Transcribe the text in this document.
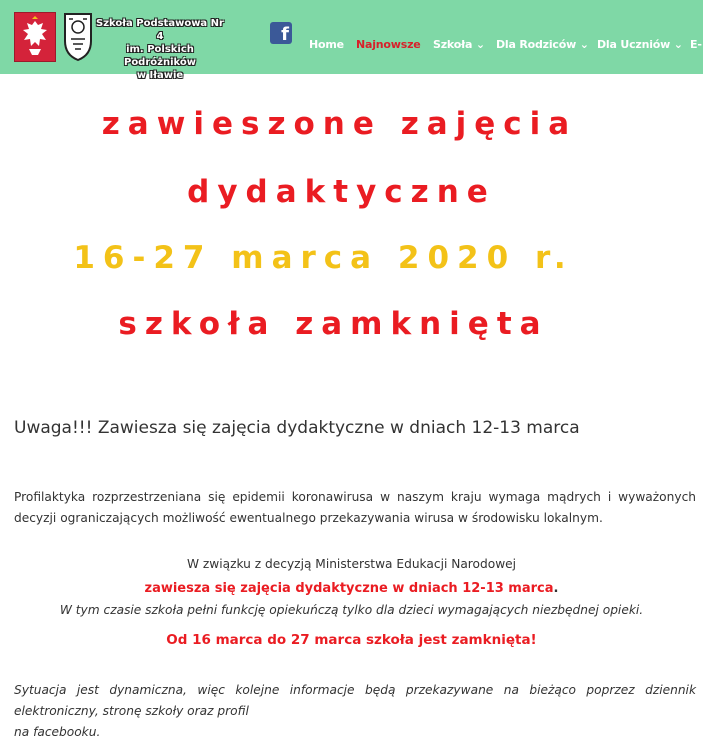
Szkoła Podstawowa Nr 4
im. Polskich Podróżników
w Iławie
f Home Najnowsze Szkoła ⌄ Dla Rodziców ⌄ Dla Uczniów ⌄ E-
zawieszone zajęcia
dydaktyczne
16-27 marca 2020 r.
szkoła zamknięta
Uwaga!!! Zawiesza się zajęcia dydaktyczne w dniach 12-13 marca
Profilaktyka rozprzestrzeniana się epidemii koronawirusa w naszym kraju wymaga mądrych i wyważonych decyzji ograniczających możliwość ewentualnego przekazywania wirusa w środowisku lokalnym.
W związku z decyzją Ministerstwa Edukacji Narodowej
zawiesza się zajęcia dydaktyczne w dniach 12-13 marca.
W tym czasie szkoła pełni funkcję opiekuńczą tylko dla dzieci wymagających niezbędnej opieki.
Od 16 marca do 27 marca szkoła jest zamknięta!
Sytuacja jest dynamiczna, więc kolejne informacje będą przekazywane na bieżąco poprzez dziennik elektroniczny, stronę szkoły oraz profil
na facebooku.
